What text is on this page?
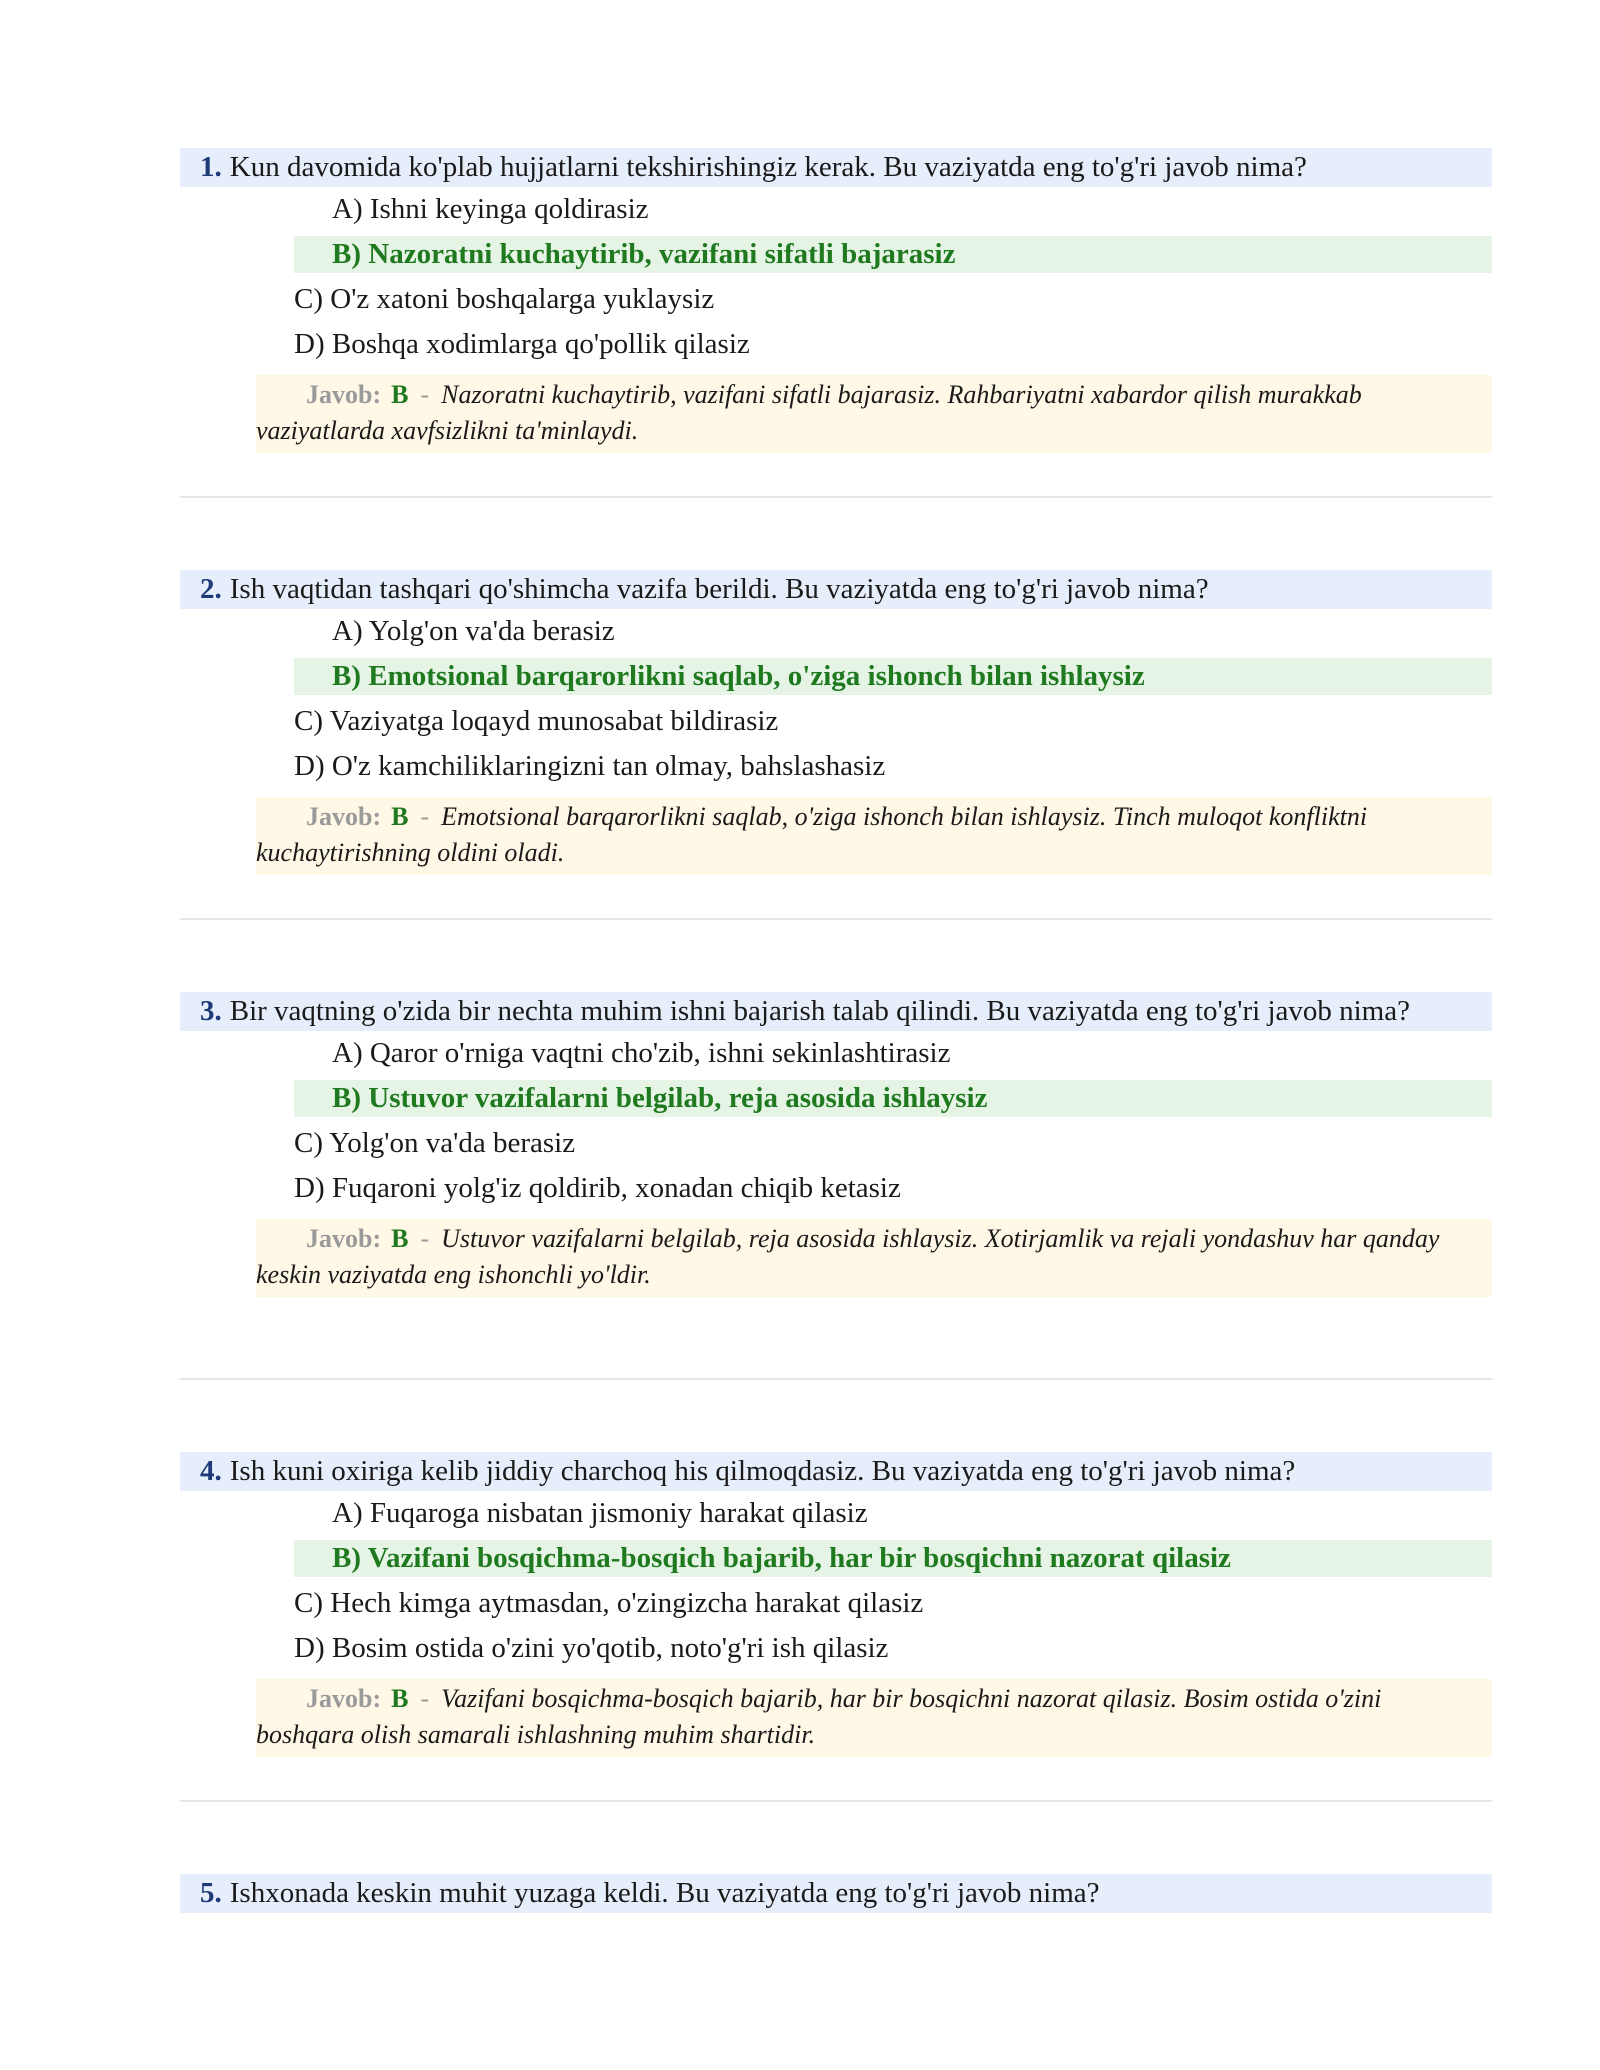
1. Kun davomida ko'plab hujjatlarni tekshirishingiz kerak. Bu vaziyatda eng to'g'ri javob nima?
A) Ishni keyinga qoldirasiz
B) Nazoratni kuchaytirib, vazifani sifatli bajarasiz
C) O'z xatoni boshqalarga yuklaysiz
D) Boshqa xodimlarga qo'pollik qilasiz
Javob: B - Nazoratni kuchaytirib, vazifani sifatli bajarasiz. Rahbariyatni xabardor qilish murakkab vaziyatlarda xavfsizlikni ta'minlaydi.
2. Ish vaqtidan tashqari qo'shimcha vazifa berildi. Bu vaziyatda eng to'g'ri javob nima?
A) Yolg'on va'da berasiz
B) Emotsional barqarorlikni saqlab, o'ziga ishonch bilan ishlaysiz
C) Vaziyatga loqayd munosabat bildirasiz
D) O'z kamchiliklaringizni tan olmay, bahslashasiz
Javob: B - Emotsional barqarorlikni saqlab, o'ziga ishonch bilan ishlaysiz. Tinch muloqot konfliktni kuchaytirishning oldini oladi.
3. Bir vaqtning o'zida bir nechta muhim ishni bajarish talab qilindi. Bu vaziyatda eng to'g'ri javob nima?
A) Qaror o'rniga vaqtni cho'zib, ishni sekinlashtirasiz
B) Ustuvor vazifalarni belgilab, reja asosida ishlaysiz
C) Yolg'on va'da berasiz
D) Fuqaroni yolg'iz qoldirib, xonadan chiqib ketasiz
Javob: B - Ustuvor vazifalarni belgilab, reja asosida ishlaysiz. Xotirjamlik va rejali yondashuv har qanday keskin vaziyatda eng ishonchli yo'ldir.
4. Ish kuni oxiriga kelib jiddiy charchoq his qilmoqdasiz. Bu vaziyatda eng to'g'ri javob nima?
A) Fuqaroga nisbatan jismoniy harakat qilasiz
B) Vazifani bosqichma-bosqich bajarib, har bir bosqichni nazorat qilasiz
C) Hech kimga aytmasdan, o'zingizcha harakat qilasiz
D) Bosim ostida o'zini yo'qotib, noto'g'ri ish qilasiz
Javob: B - Vazifani bosqichma-bosqich bajarib, har bir bosqichni nazorat qilasiz. Bosim ostida o'zini boshqara olish samarali ishlashning muhim shartidir.
5. Ishxonada keskin muhit yuzaga keldi. Bu vaziyatda eng to'g'ri javob nima?
